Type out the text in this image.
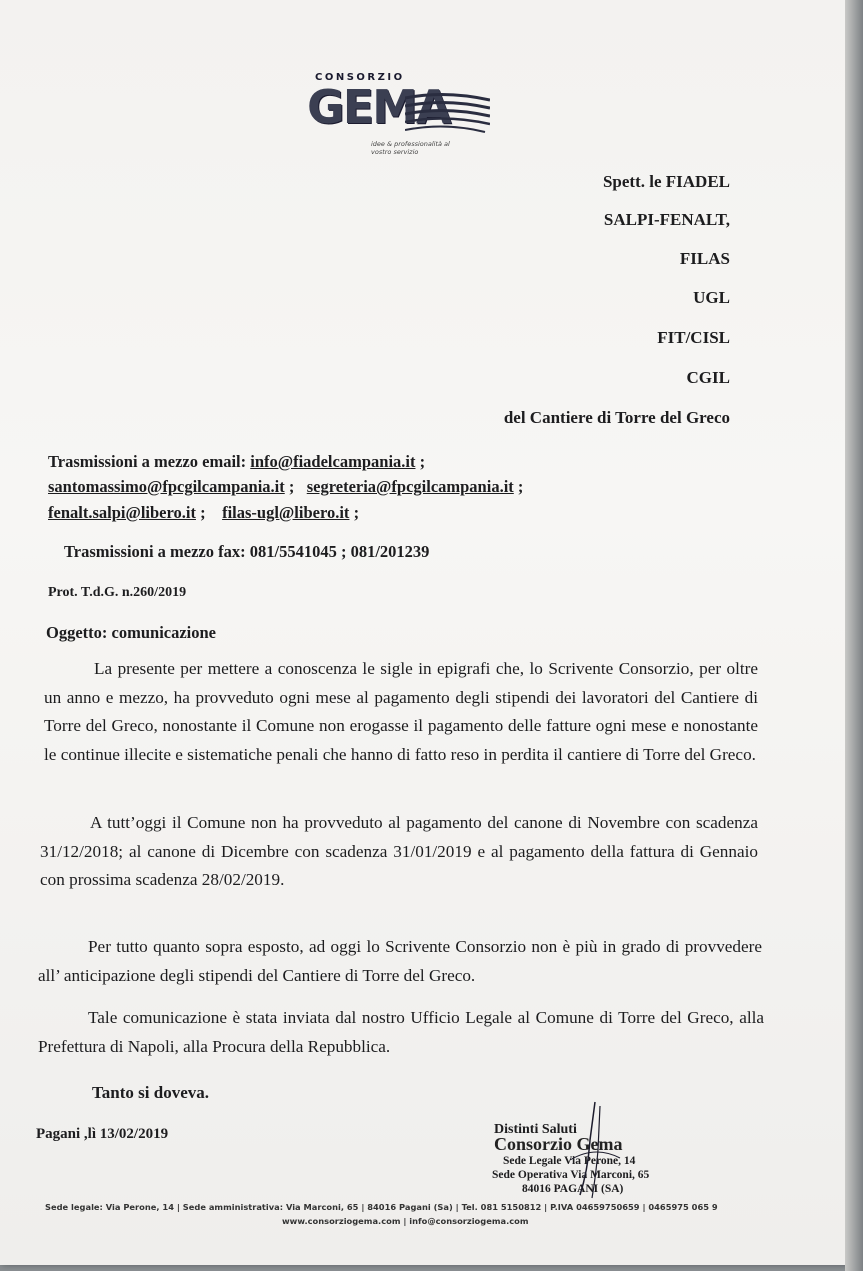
CONSORZIO
GEMA
idee & professionalità al vostro servizio
Spett. le FIADEL
SALPI-FENALT,
FILAS
UGL
FIT/CISL
CGIL
del Cantiere di Torre del Greco
Trasmissioni a mezzo email: info@fiadelcampania.it ;
santomassimo@fpcgilcampania.it ;   segreteria@fpcgilcampania.it ;
fenalt.salpi@libero.it ;    filas-ugl@libero.it ;
Trasmissioni a mezzo fax: 081/5541045 ; 081/201239
Prot. T.d.G. n.260/2019
Oggetto: comunicazione
La presente per mettere a conoscenza le sigle in epigrafi che, lo Scrivente Consorzio, per oltre un anno e mezzo, ha provveduto ogni mese al pagamento degli stipendi dei lavoratori del Cantiere di Torre del Greco, nonostante il Comune non erogasse il pagamento delle fatture ogni mese e nonostante le continue illecite e sistematiche penali che hanno di fatto reso in perdita il cantiere di Torre del Greco.
A tutt’oggi il Comune non ha provveduto al pagamento del canone di Novembre con scadenza 31/12/2018; al canone di Dicembre con scadenza 31/01/2019 e al pagamento della fattura di Gennaio con prossima scadenza 28/02/2019.
Per tutto quanto sopra esposto, ad oggi lo Scrivente Consorzio non è più in grado di provvedere all’ anticipazione degli stipendi del Cantiere di Torre del Greco.
Tale comunicazione è stata inviata dal nostro Ufficio Legale al Comune di Torre del Greco, alla Prefettura di Napoli, alla Procura della Repubblica.
Tanto si doveva.
Pagani ,lì 13/02/2019	Distinti Saluti
Consorzio Gema
Sede Legale Via Perone, 14
Sede Operativa Via Marconi, 65
84016 PAGANI (SA)
Sede legale: Via Perone, 14 | Sede amministrativa: Via Marconi, 65 | 84016 Pagani (Sa) | Tel. 081 5150812 | P.IVA 04659750659 | 0465975 065 9
www.consorziogema.com | info@consorziogema.com
